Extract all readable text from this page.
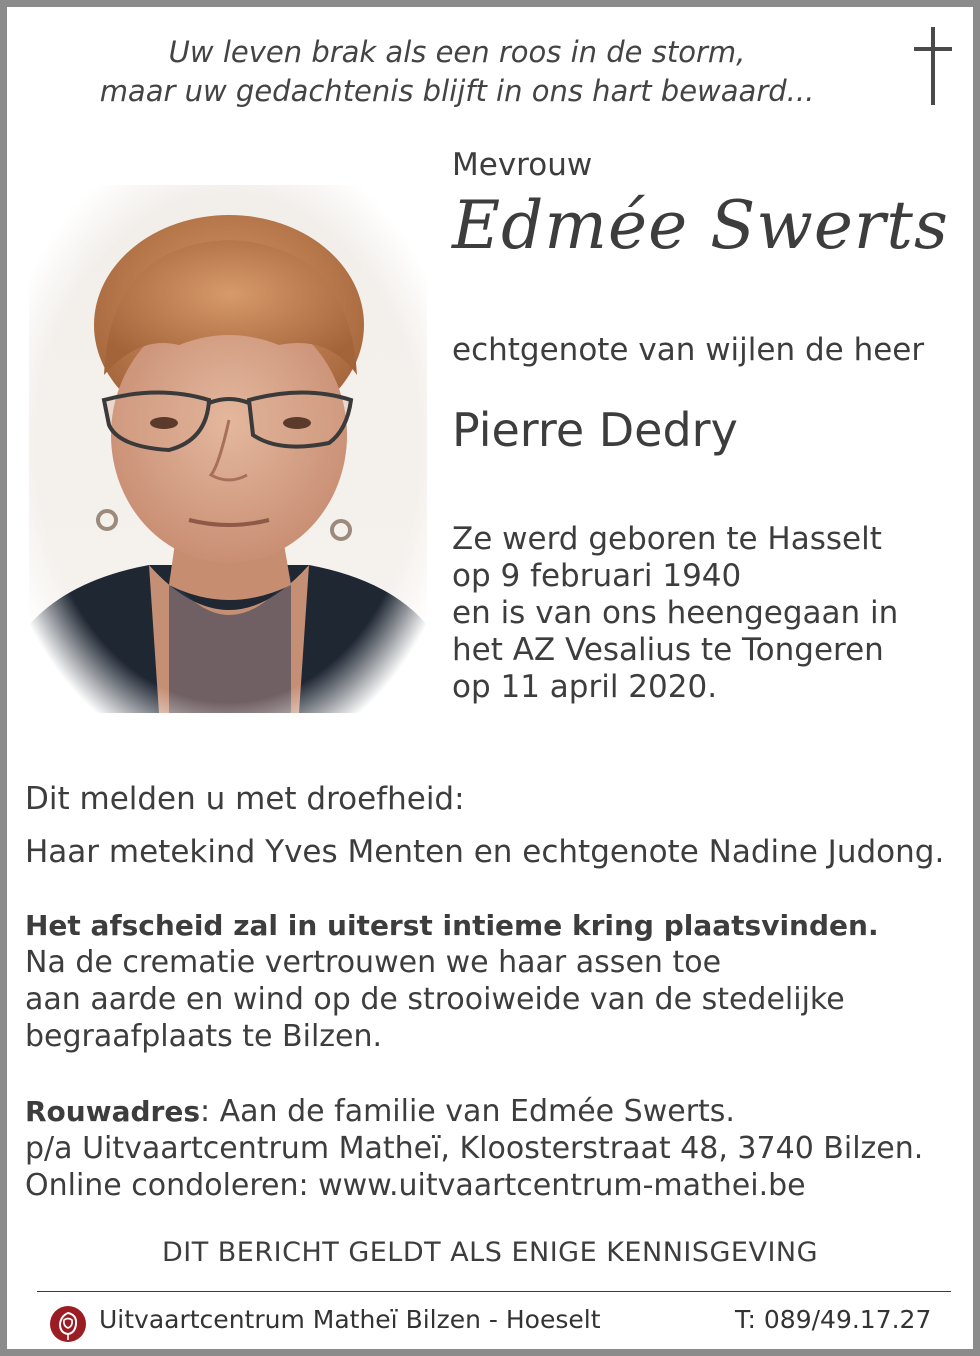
Uw leven brak als een roos in de storm,
maar uw gedachtenis blijft in ons hart bewaard...
Mevrouw
Edmée Swerts
echtgenote van wijlen de heer
Pierre Dedry
Ze werd geboren te Hasselt
op 9 februari 1940
en is van ons heengegaan in
het AZ Vesalius te Tongeren
op 11 april 2020.
Dit melden u met droefheid:
Haar metekind Yves Menten en echtgenote Nadine Judong.
Het afscheid zal in uiterst intieme kring plaatsvinden.
Na de crematie vertrouwen we haar assen toe
aan aarde en wind op de strooiweide van de stedelijke
begraafplaats te Bilzen.
Rouwadres: Aan de familie van Edmée Swerts.
p/a Uitvaartcentrum Matheï, Kloosterstraat 48, 3740 Bilzen.
Online condoleren: www.uitvaartcentrum-mathei.be
DIT BERICHT GELDT ALS ENIGE KENNISGEVING
Uitvaartcentrum Matheï Bilzen - Hoeselt	T: 089/49.17.27
